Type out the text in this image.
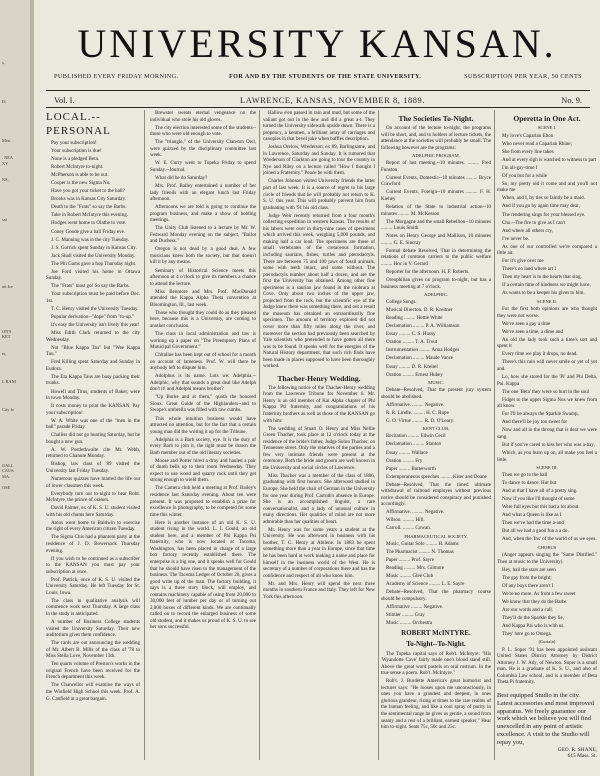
s,

IS

Men.

. NEA
XY

NS,

sat

uit Ice

ON'S
KET

er,

L BANI

City fo

GALL
CAUS.
MA.

OSE
UNIVERSITY KANSAN.
PUBLISHED EVERY FRIDAY MORNING.	FOR AND BY THE STUDENTS OF THE STATE UNIVERSITY.	SUBSCRIPTION PER YEAR, 50 CENTS
Vol. I.	LAWRENCE, KANSAS, NOVEMBER 8, 1889.	No. 9.
LOCAL.--PERSONAL
Pay your subscription!
Your subscription is due!
None is a pledged Beta.
Robert McIntyre to-night.
McPherson is able to be out.
Cooper is the new Sigma Nu.
Have you got your ticket to the ball?
Brooks was in Kansas City Saturday.
Death to the "Frats" so say the Barbs.
Take in Robert McIntyre this evening.
Hodges went home to Olathe to vote.
Coney Goode give a ball Friday eve.
J. C. Manning was in the city Tuesday.
J. S. Gorrick spent Sunday in Kansas City.
Jack Shall visited the University Monday.
The Phi Gams gave a hop Thursday night.
Joe Ford visited his home in Ottawa Sunday.
The "Frats" must go! So say the Barbs.
Your subscription must be paid before Dec. 1st.
T. C. Henry visited the University Tuesday.
Popular derivation--"dope" from "to-up."
It's easy the University isn't lively this year!
Miss Edith Clark returned to the city Wednesday.
Not "Blue Kappa Tau" but "Wee Kappa Tau."
Fred Killing spent Saturday and Sunday in Eudora.
The Eta Kappa Taus are busy packing their trunks.
Howell and Titus, students of Baker, were in town Monday.
It costs money to print the KANSAN. Pay your subscription!
W. A. White was one of the "men in the ball" parade Friday.
Challiss did not go hunting Saturday, but he bought a new gun.
A. W. Postlethwaite cite Mr. Webb, returned to Chanute Monday.
Bishop, law class of '89 visited the University last Friday Tuesday.
Numerous quizzes have marred the life out of lower classmen this week.
Everybody turn out to-night to hear Robt. McIntyre, the prince of orators.
David Palmer, ex of K. S. U. student visited with his old chums here Saturday.
Amos went home to Baldwin to exercise the right of every American citizen Tuesday.
The Sigma Chis had a phantom party at the residence of J. D. Bowersock Thursday evening.
If you wish to be continued as a subscriber to the KANSAN you must pay your subscription at once.
Prof. Patrick, once of K. S. U. visited the University Saturday. He left Tuesday for St. Louis, Iowa.
The class in qualitative analysis will commence work next Thursday. A large class in the study is anticipated.
A number of Business College students visited the University Saturday. Their new auditorium gives them confidence.
The cards are out announcing the wedding of Mr. Albert B. Mills of the class of '78 to Miss Stella Love, November 13th.
Ten quarts volume of Preston's works in the original French have been received for the French department this week.
The Chancellor will examine the ways of the Winfield High School this week. Prof. A. G. Canfield at a great bargain.
Brewster sweats eternal vengeance on the individual who stole his old gloves.
The city election interested some of the students--those who were old enough to vote.
The "triangle," of the University Clan-ton Owl, were quizzed by the disciplinary committee last week.
W. E. Curry went to Topeka Friday to spend Sunday.--Journal.
What did he do Saturday?
Mrs. Prof. Bailey entertained a number of her lady friends with an elegant lunch last Friday afternoon.
Afternoons we are told is going to continue the program business, and make a show of holding meetings.
The Unity Club listened to a lecture by Mr. W. Fedward Monday evening on the subject, "Ballot and Duchess."
Oregon is not dead by a good deal. A few musicians knew both the society, but that doesn't kill it by any means.
Seminary of Historical Science meets this afternoon at 4 o'clock to give its members a chance to attend the lecture.
Miss Benmore and Mrs. Prof. MacDonald attended the Kappa Alpha Theta convention at Bloomington, Ill., last week.
Those who thought they could do as they pleased here, because this is a University, are coming to another conclusion.
The class in local administration and law is working up a paper on "The Preemptory Plans of Municipal Government."
Chitaline has been kept out of school for a month on account of lameness. Prof. W. will there be anybody left to dispute him.
Adolphus is its name. Lots we: Adelphia.--Adelphic, why that sounds a great deal like Adelph don't it! and Adelphi means brother?
"Up Burke and at them," quoth the honored Sioux. Great Guide of the Highlanders--and to Swope's umbrella was filled with raw cumbs.
This whole intuition business would have attracted no attention, but for the fact that a certain young man did the writing it up for the Tribune.
Adelphia is a Barb society, eye. It is the duty of every Barb to join it, the light must be drawn the Barb member out of the old literary societies.
Moose and Porter hired a dray and hauled a pair of dumb bells up to their room Wednesday. They expect to use wood and quarry rock until they get strong enough to wield them.
The Camera club held a meeting at Prof. Bailey's residence last Saturday evening. About ten were present. It was proposed to establish a prize for excellence in photography, to be competed for some time this winter.
Here is another instance of an old K. S. U. student rising in the world. L. I. Gould, an old student here, and a member of Phi Kappa Psi fraternity, who is now located at Tacoma, Washington, has been placed in charge of a large box factory recently established there. The enterprise is a big one, and it speaks well for Gould that he should have risen to the management of the business. The Tacoma Ledger of October 20, gives a good write up of the man. The factory building, it says is a three story block, will employ, and contains machinery capable of using from 20,000 to 30,000 feet of lumber per day or of turning out 2,000 boxes of different kinds. We are continually called on to record the enlarged business of some old student, and it makes us proud of K. S. U. to see her sons successful.
Hallow e'en passed in rain and mud, but some of the valiant got out in the dew and did a great a-t. They turned the University sidewalk upside down. There is a propency, a kenmen, a brilliant array of carriages and canopies in that bevel joke when baffles description.
Joshua Orelow, Wrederson, ex 89, Barlingsame, and in Lawrence, Saturday and Sunday. It is rumored that Wrederson of Clarkton are going to tour the country in Nye and Riley on a lecture called "How I thought I joined a Fraternity." Peace be with them.
Charles Johnson visited University friends the latter part of last week. It is a source of regret to his large circle of friends that he will probably not return to K. S. U. this year. This will probably prevent him from graduating with '91 his old class.
Judge Weir recently returned from a four month's collecting expedition in western Kansas. The results of his labors were over in thirty-nine cases of specimens which arrived this week, weighing 5,000 pounds, and making half a car load. The specimens are those of small vertebrates of the cretaceous formation, including saurians, fishes, turtles and pterodactyls. There are between 75 and 100 jaws of fossil animals, some with teeth intact, and some without. The pterodactyls number about half a dozen, and are the first the University has obtained. Among other fine specimens is a saurian jaw found in the niobrara at Cove. Only about two inches of the upper jaw, projected from the rock, but the scientific eye of the Judge knew there was something there, and out a result the museum has obtained an extraordinarily fine specimen. The amount of territory explored did not cover more than fifty miles along the river, and moreover the section had previously been searched by Yale scientists who pretended to have gotten all there was to be found. It speaks well for the energies of the Natural History department, that such rich finds have been made in places supposed to have been thoroughly worked.
Thacher-Henry Wedding.
The following notice of the Thacher-Henry wedding from the Lawrence Tribune for November 6. Mr. Henry is an old member of Kai Alpha chapter of Phi Kappa Psi fraternity, and congratulations of his fraternity brothers as well as those of the KANSAN go with him:
The wedding of Stuart O. Henry and Miss Nellie Green Thacher, took place at 12 o'clock today at the residence of the bride's father, Judge Solon Thacher, on Tennessee street. Only the relatives of the parties and a few very intimate friends were present at the ceremony. Both the bride and groom are well known in the University and social circles of Lawrence.
Miss Thacher was a member of the class of 1886, graduating with first honors. She afterward studied in Europe. She held the chair of German in the University for one year during Prof. Carruth's absence in Europe. She is an accomplished linguist, a rare conversationalist, and a lady of unusual culture in many directions. Her qualities of mind are not more admirable than her qualities of heart.
Mr. Henry was for some years a student at the University. He was afterward in business with his brother, T. C. Henry at Abilene. In 1883 he spent something more than a year in Europe, since that time he has been hard at work making a name and place for himself in the business world of the West. He is secretary of a number of corporations there and has the confidence and respect of all who know him.
Mr. and Mrs. Henry will spend the next three months in southern France and Italy. They left for New York this afternoon.
The Societies To-Night.
On account of the lecture to-night, the programs will be short, and, and to holders of lecture tickets, the attendance at the societies will probably be small. The following however are the programs:
ADELPHIC PROGRAM.
Report of last meeting.--10 minutes. ......... Fred Funston
Current Events, Domestic--10 minutes ......... Bryce Crawford
Current Events, Foreign--10 minutes ......... F. H. Kiehey
Relation of the State to industrial action--10 minutes ......... M. McKesson
The Morgagne and the small Rebellion--10 minutes ......... Louis Smith
Notes on Henry George and Mallison, 10 minutes ......... G. E. Sincray
Formal debate Resolved, That in determining the relations of common carriers to the public welfare ......... Hoc in V. Gerard
Reporter for the afternoon. H. F. Roberts.
Oreophilian gives no program to-night, but has a business meeting at 7 o'clock.
ADELPHIC.
College Songs.
Musical Directon. D. R. Kreitner
Reading ......... Hettie White
Declamation ......... P. A. Williamson
Essay ......... C. S. Hussy
Oration ......... T. A. Trout
Instrumentation ......... Anna Hodges
Declamation ......... Maude Vance
Essay ......... D. R. Kreitel
Oration ......... Ernest Hubey
MUSIC.
Debate--Resolved, That the present jury system should be abolished.
Affirmative. ......... Negative.
R. R. Lindle. ......... H. C. Rupe
G. O. Virtue ......... R. D. O'Leary.
KENT CLUB.
Recitation ......... Edwin Cecil
Declamation ......... Stanton
Essay ......... Wallace
Oration ......... Fry
Paper ......... Butterworth
Extemporaneous speeches ......... Kiser and Doane
Debate--Resolved, That the timed ultimate withdrawal of railroad employes without previous notice should be considered conspiracy and punished accordingly.
Affirmative. ......... Negative.
Wilson. ......... Hill.
Carroll. ......... Cowan.
PHARMACEUTICAL SOCIETY.
Music, Guitar Solo ......... H. Adams
The Pharmacist ......... N. Thomas
Paper ......... Prof. Sayre
Reading ......... Mrs. Gilmore
Music ......... Glee Club
Academy of Science ......... L. E. Sayre
Debate--Resolved, That the pharmacy course should be compulsory.
Affirmative ......... Negative.
Stimler ......... Gray
Music ......... Orchestra
ROBERT McINTYRE.
To-Night--To-Night.
The Topeka capital says of Rob't. McIntyre: "His 'Wyandotte Cave' fairly made one's blood stand still. Above the great word pastels on oral rostrum. In the true sense a poem. Rob't. McIntyre."
Rob't. J. Burdette America's great humorist and lecturer says: "He looses upon me unconsciously, in ones you have a grandest and deepest, in ones glorious grandeur, rising at times to the rare realms of the human feeling, and like a cool spray of purity in the sentimental range he gives us gentle, a sound from seamy and a rest of a brilliant, earnest speaker," Hear him to-night. Seats 75c, 50c and 25c.
Operetta in One Act.
SCENE I.
My love's Caparian Ebon
Who never read a Caparian Rhine;
She from every line takes
And at every sigh is watched to witness to part
I'm all-gay-time I
Of you but for a while
So, my pretty old it come and and you'll not make me
When, and I, by ties so faintly be a maid.
And if you go by again time may dear,
The rendering sings for your blessed eye.
Cho.--The fire to give as I can't
And where all others cry,
I've never be.
As one of our controlled we're compared a little air.
For it's give over me
There's no land where art I
Then my heart is to the hearts that sing.
If a certain time of kindness we might have,
As wants to be a keeper his gives to him.
SCENE II.
For the first both opinions are who thought they were not worse.
We've seen a gay a time
We've seen a time, a dime and
An old the lady took such a time's sort and spent it
Every time we play it drops, no dead.
There's this rain will never smile or yet of yet and.
Lo, how she stored for the 'Pi' and Phi Delta, Pai. Kappa
The one 'Beta' they were so hurt in the soul
Fidget to the upper Sigma Nus we knew from all know.
For I'll be always the Sparkle Swamp,
And there'll be joy too sweet for
Now and all in the throng that is dear we were sang.
But if you've cared to kiss her who was a-bay,
Which, as you learn up on, all make you feel a little.
SCENE III.
Then we go to the hall
To dance to dance. Hut but
And at that I have all of a pretty sing.
Now if you like I'll thought of some
Were full eyes but this bad a lot about.
And what a Queen is like as I
Then we've had the time a-and
But all we had a good fun a a do.
And, when the 'Ins' of the world of us we eyes.
CHORUS
(Anger appears singing the "Same Distilled." Then at music to the University)
Hey, hail the stars are seen
The gay from the bright;
Of any boys there aren't I
We're no more. As from a few sweet
We know that they do the Barbs
Are our words and a call.
They'll do the Sparkle they lie,
And Kappa Pai who is with us.
They' here go to Omega.
(Curtain)
P. L. Soper '91 has been appointed assistant United States District Attorney by District Attorney J. W. Ady, of Newton. Soper is a small man. He is a graduate of K. S. U., and also of Columbia Law school, and is a member of Beta Theta Pi fraternity.
Best equipped Studio in the city. Latest accessories and most improved apparatus. We freely guarantee our work which we believe you will find unexcelled in any point of artistic excellence. A visit to the Studio will repay you,
GEO. R. SHANE,
615 Mass. St.
